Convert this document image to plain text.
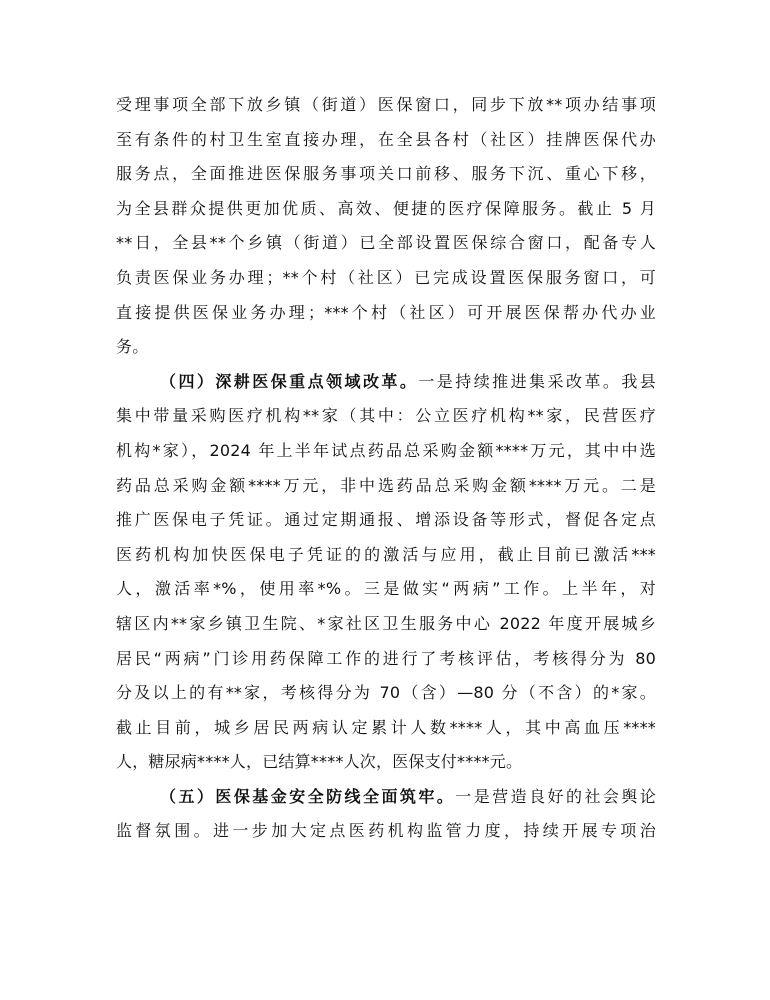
受理事项全部下放乡镇（街道）医保窗口，同步下放**项办结事项
至有条件的村卫生室直接办理，在全县各村（社区）挂牌医保代办
服务点，全面推进医保服务事项关口前移、服务下沉、重心下移，
为全县群众提供更加优质、高效、便捷的医疗保障服务。截止 5 月
**日，全县**个乡镇（街道）已全部设置医保综合窗口，配备专人
负责医保业务办理；**个村（社区）已完成设置医保服务窗口，可
直接提供医保业务办理；***个村（社区）可开展医保帮办代办业
务。
（四）深耕医保重点领域改革。一是持续推进集采改革。我县
集中带量采购医疗机构**家（其中：公立医疗机构**家，民营医疗
机构*家），2024 年上半年试点药品总采购金额****万元，其中中选
药品总采购金额****万元，非中选药品总采购金额****万元。二是
推广医保电子凭证。通过定期通报、增添设备等形式，督促各定点
医药机构加快医保电子凭证的的激活与应用，截止目前已激活***
人，激活率*%，使用率*%。三是做实“两病”工作。上半年，对
辖区内**家乡镇卫生院、*家社区卫生服务中心 2022 年度开展城乡
居民“两病”门诊用药保障工作的进行了考核评估，考核得分为 80
分及以上的有**家，考核得分为 70（含）—80 分（不含）的*家。
截止目前，城乡居民两病认定累计人数****人，其中高血压****
人，糖尿病****人，已结算****人次，医保支付****元。
（五）医保基金安全防线全面筑牢。一是营造良好的社会舆论
监督氛围。进一步加大定点医药机构监管力度，持续开展专项治
